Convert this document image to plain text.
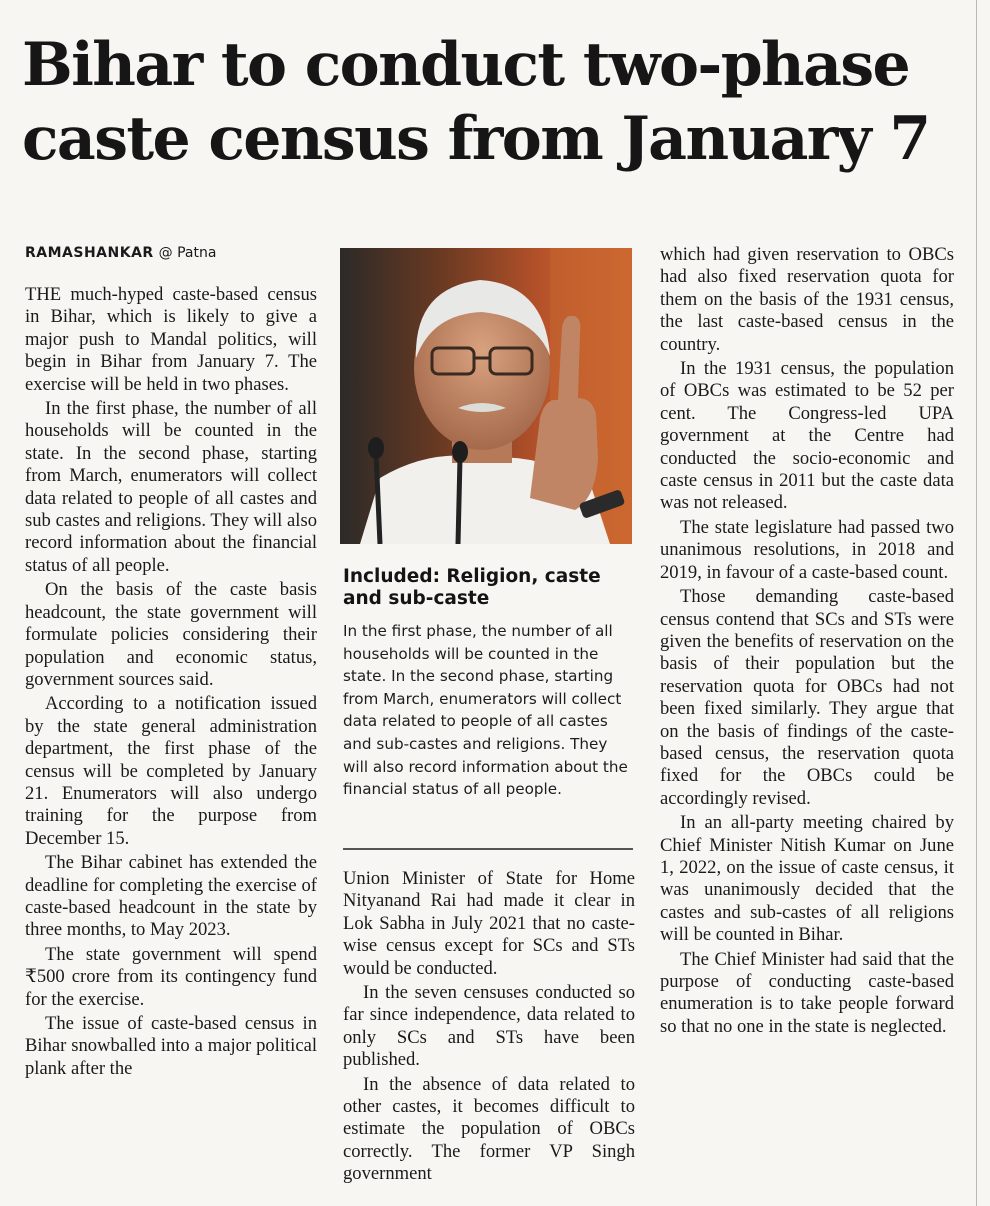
Bihar to conduct two-phase caste census from January 7
RAMASHANKAR @ Patna

THE much-hyped caste-based census in Bihar, which is likely to give a major push to Mandal politics, will begin in Bihar from January 7. The exercise will be held in two phases.

In the first phase, the number of all households will be counted in the state. In the second phase, starting from March, enumerators will collect data related to people of all castes and sub castes and religions. They will also record information about the financial status of all people.

On the basis of the caste basis headcount, the state government will formulate policies considering their population and economic status, government sources said.

According to a notification issued by the state general administration department, the first phase of the census will be completed by January 21. Enumerators will also undergo training for the purpose from December 15.

The Bihar cabinet has extended the deadline for completing the exercise of caste-based headcount in the state by three months, to May 2023.

The state government will spend ₹500 crore from its contingency fund for the exercise.

The issue of caste-based census in Bihar snowballed into a major political plank after the

Included: Religion, caste and sub-caste

In the first phase, the number of all households will be counted in the state. In the second phase, starting from March, enumerators will collect data related to people of all castes and sub-castes and religions. They will also record information about the financial status of all people.

Union Minister of State for Home Nityanand Rai had made it clear in Lok Sabha in July 2021 that no caste-wise census except for SCs and STs would be conducted.

In the seven censuses conducted so far since independence, data related to only SCs and STs have been published.

In the absence of data related to other castes, it becomes difficult to estimate the population of OBCs correctly. The former VP Singh government

which had given reservation to OBCs had also fixed reservation quota for them on the basis of the 1931 census, the last caste-based census in the country.

In the 1931 census, the population of OBCs was estimated to be 52 per cent. The Congress-led UPA government at the Centre had conducted the socio-economic and caste census in 2011 but the caste data was not released.

The state legislature had passed two unanimous resolutions, in 2018 and 2019, in favour of a caste-based count.

Those demanding caste-based census contend that SCs and STs were given the benefits of reservation on the basis of their population but the reservation quota for OBCs had not been fixed similarly. They argue that on the basis of findings of the caste-based census, the reservation quota fixed for the OBCs could be accordingly revised.

In an all-party meeting chaired by Chief Minister Nitish Kumar on June 1, 2022, on the issue of caste census, it was unanimously decided that the castes and sub-castes of all religions will be counted in Bihar.

The Chief Minister had said that the purpose of conducting caste-based enumeration is to take people forward so that no one in the state is neglected.
